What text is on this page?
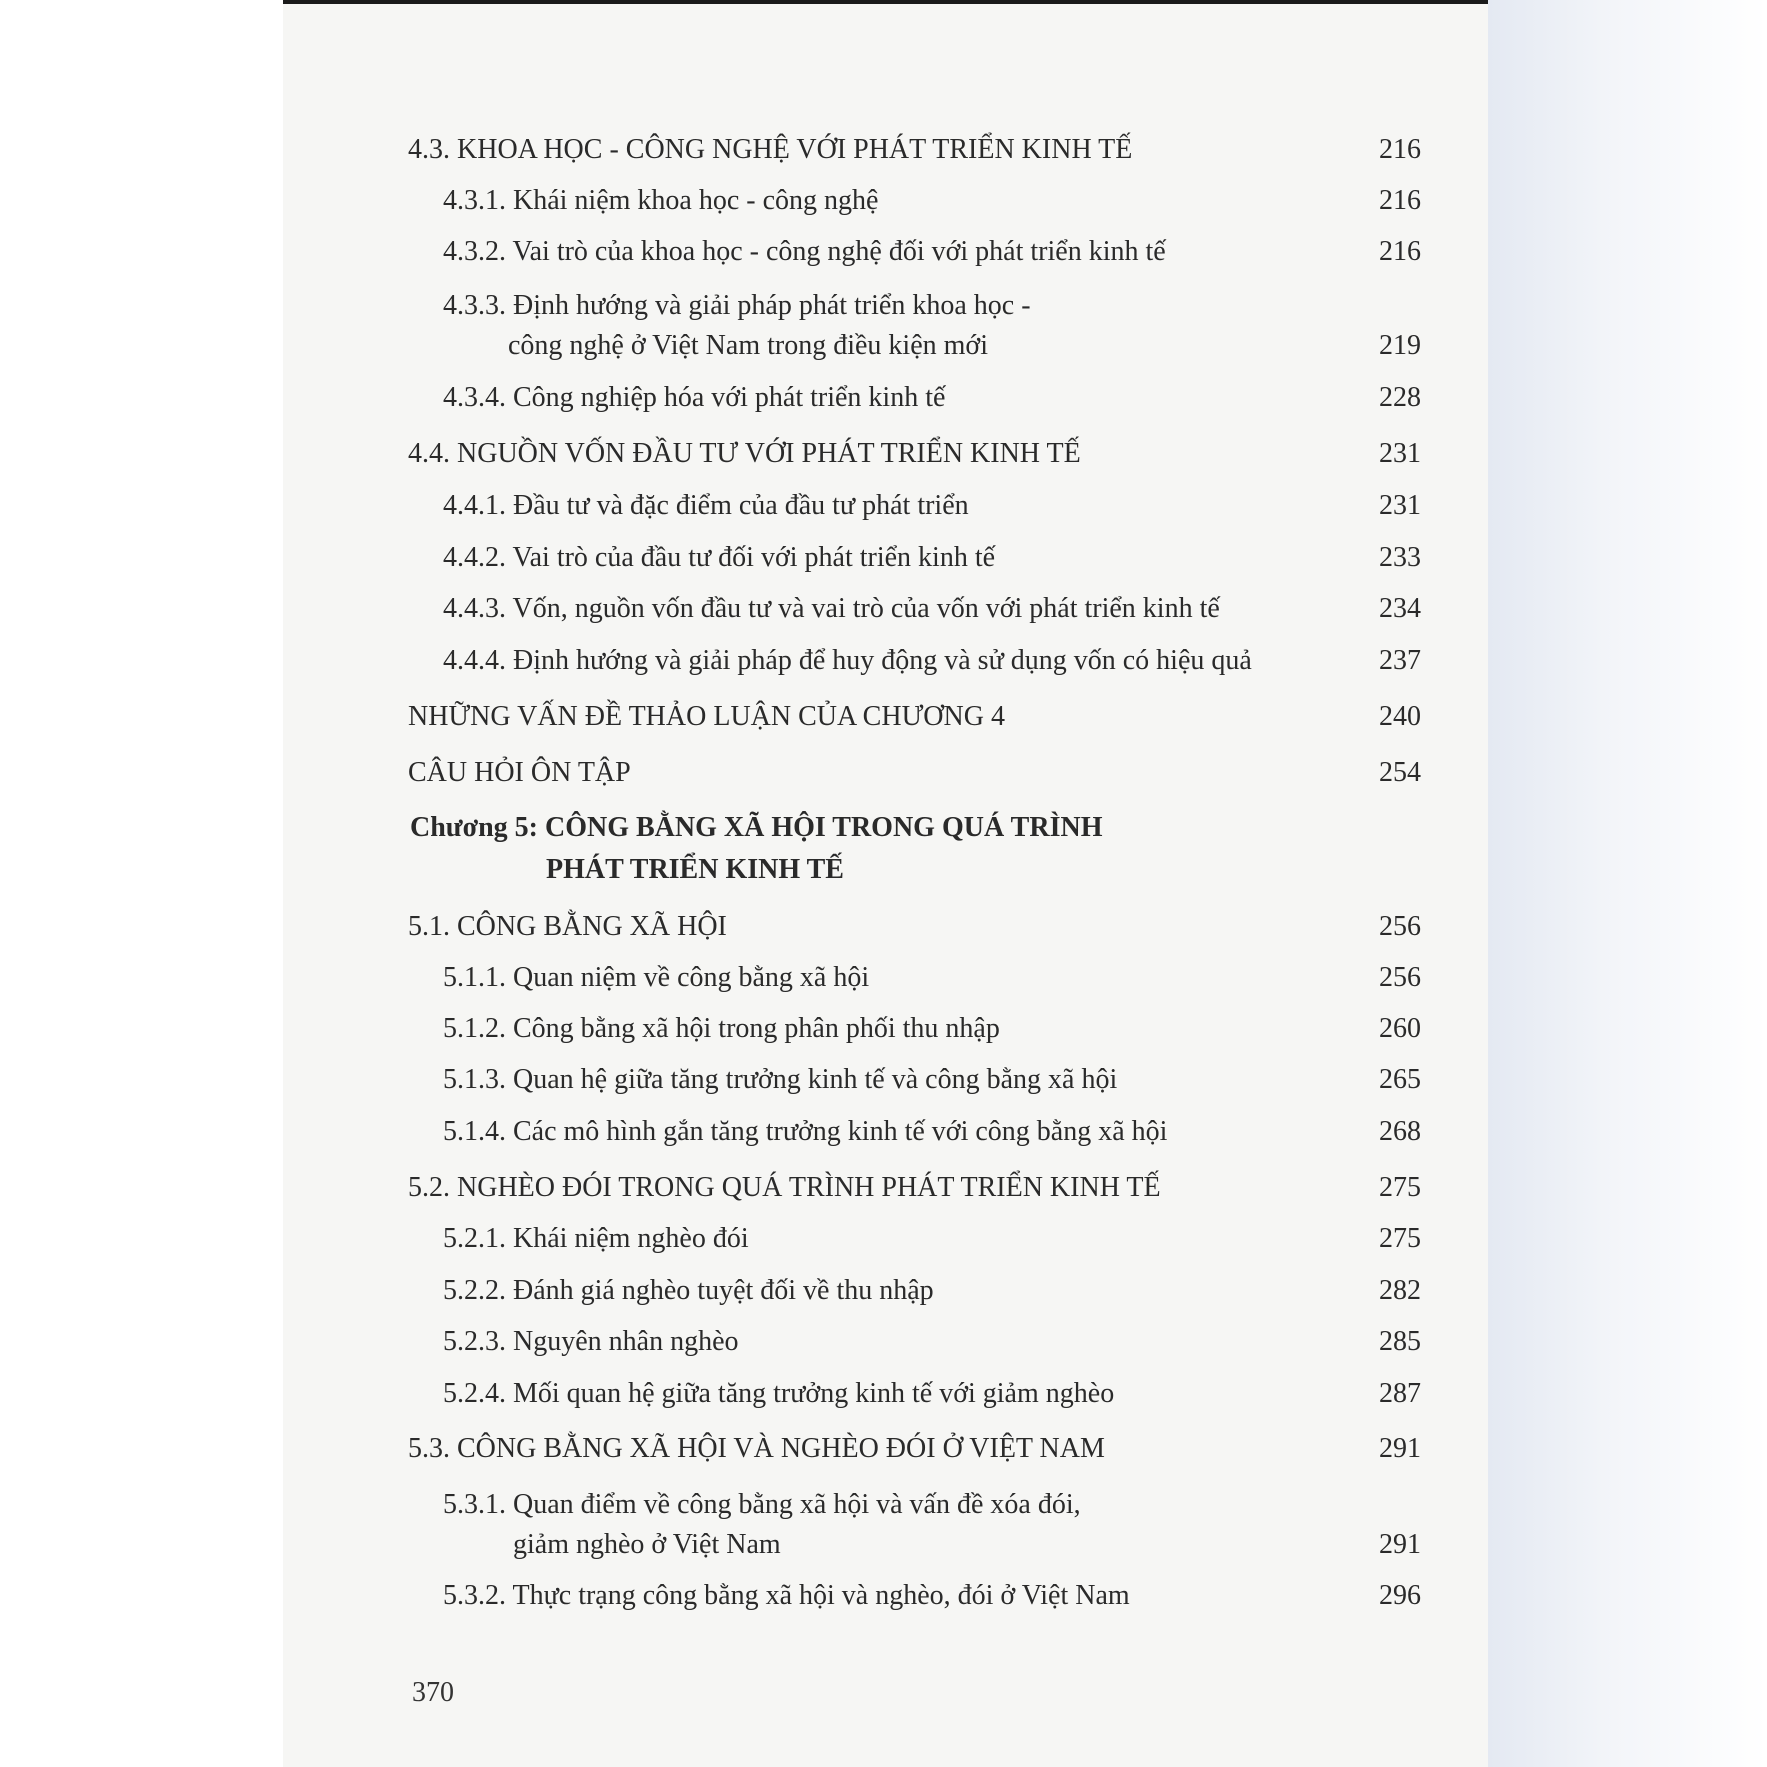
4.3. KHOA HỌC - CÔNG NGHỆ VỚI PHÁT TRIỂN KINH TẾ	216
4.3.1. Khái niệm khoa học - công nghệ	216
4.3.2. Vai trò của khoa học - công nghệ đối với phát triển kinh tế	216
4.3.3. Định hướng và giải pháp phát triển khoa học -
công nghệ ở Việt Nam trong điều kiện mới	219
4.3.4. Công nghiệp hóa với phát triển kinh tế	228
4.4. NGUỒN VỐN ĐẦU TƯ VỚI PHÁT TRIỂN KINH TẾ	231
4.4.1. Đầu tư và đặc điểm của đầu tư phát triển	231
4.4.2. Vai trò của đầu tư đối với phát triển kinh tế	233
4.4.3. Vốn, nguồn vốn đầu tư và vai trò của vốn với phát triển kinh tế	234
4.4.4. Định hướng và giải pháp để huy động và sử dụng vốn có hiệu quả	237
NHỮNG VẤN ĐỀ THẢO LUẬN CỦA CHƯƠNG 4	240
CÂU HỎI ÔN TẬP	254
Chương 5: CÔNG BẰNG XÃ HỘI TRONG QUÁ TRÌNH
PHÁT TRIỂN KINH TẾ
5.1. CÔNG BẰNG XÃ HỘI	256
5.1.1. Quan niệm về công bằng xã hội	256
5.1.2. Công bằng xã hội trong phân phối thu nhập	260
5.1.3. Quan hệ giữa tăng trưởng kinh tế và công bằng xã hội	265
5.1.4. Các mô hình gắn tăng trưởng kinh tế với công bằng xã hội	268
5.2. NGHÈO ĐÓI TRONG QUÁ TRÌNH PHÁT TRIỂN KINH TẾ	275
5.2.1. Khái niệm nghèo đói	275
5.2.2. Đánh giá nghèo tuyệt đối về thu nhập	282
5.2.3. Nguyên nhân nghèo	285
5.2.4. Mối quan hệ giữa tăng trưởng kinh tế với giảm nghèo	287
5.3. CÔNG BẰNG XÃ HỘI VÀ NGHÈO ĐÓI Ở VIỆT NAM	291
5.3.1. Quan điểm về công bằng xã hội và vấn đề xóa đói,
giảm nghèo ở Việt Nam	291
5.3.2. Thực trạng công bằng xã hội và nghèo, đói ở Việt Nam	296
370
